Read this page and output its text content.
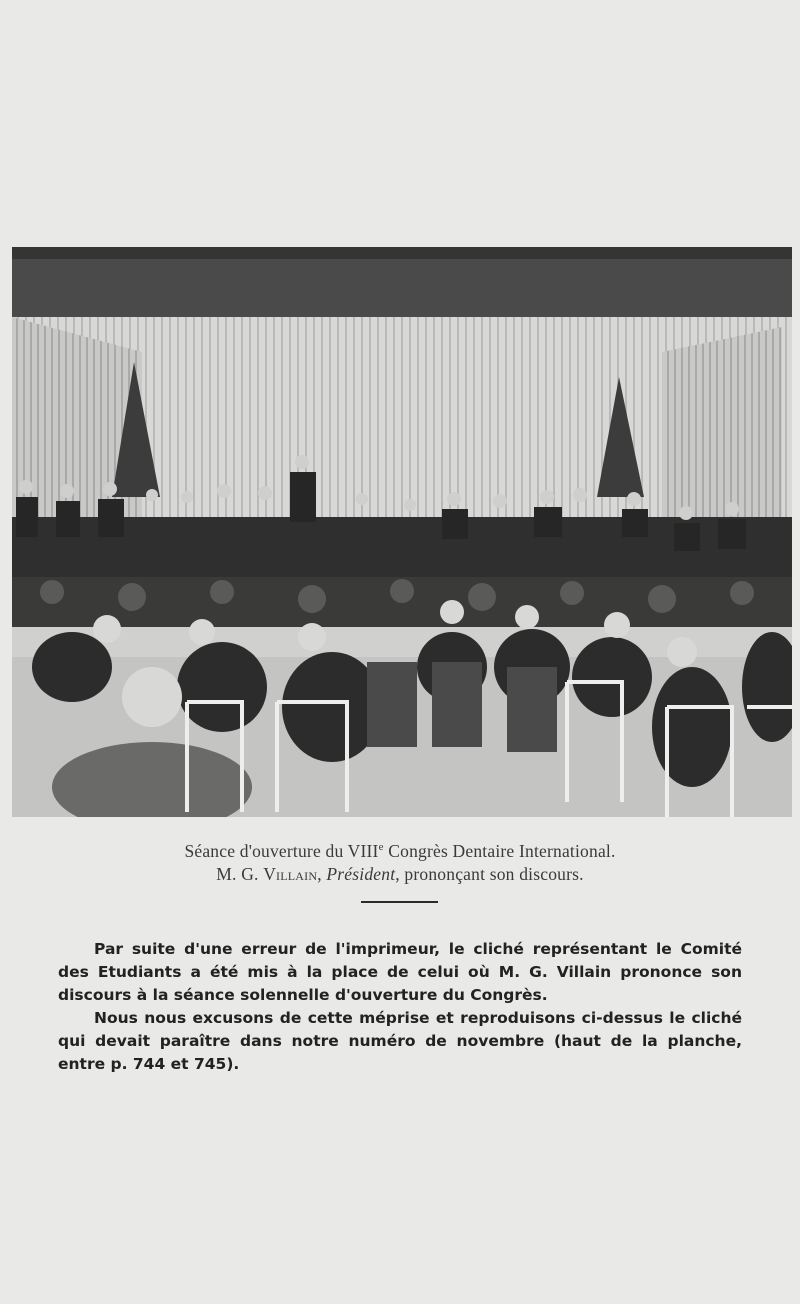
Séance d'ouverture du VIIIe Congrès Dentaire International.
M. G. Villain, Président, prononçant son discours.

Par suite d'une erreur de l'imprimeur, le cliché représentant le Comité des Etudiants a été mis à la place de celui où M. G. Villain prononce son discours à la séance solennelle d'ouverture du Congrès.

Nous nous excusons de cette méprise et reproduisons ci-dessus le cliché qui devait paraître dans notre numéro de novembre (haut de la planche, entre p. 744 et 745).
